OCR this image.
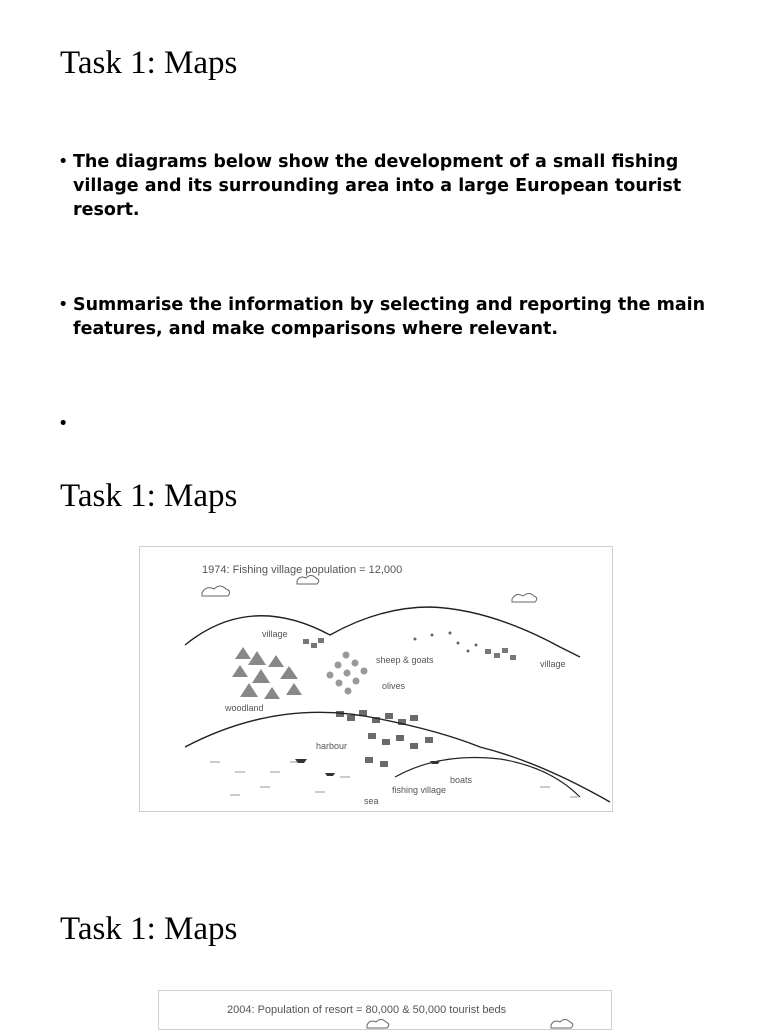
Task 1: Maps
• The diagrams below show the development of a small fishing village and its surrounding area into a large European tourist resort.
• Summarise the information by selecting and reporting the main features, and make comparisons where relevant.
Task 1: Maps
1974: Fishing village population = 12,000
village
sheep & goats	village
olives
woodland
harbour
boats
fishing village
sea
Task 1: Maps
2004: Population of resort = 80,000 & 50,000 tourist beds
